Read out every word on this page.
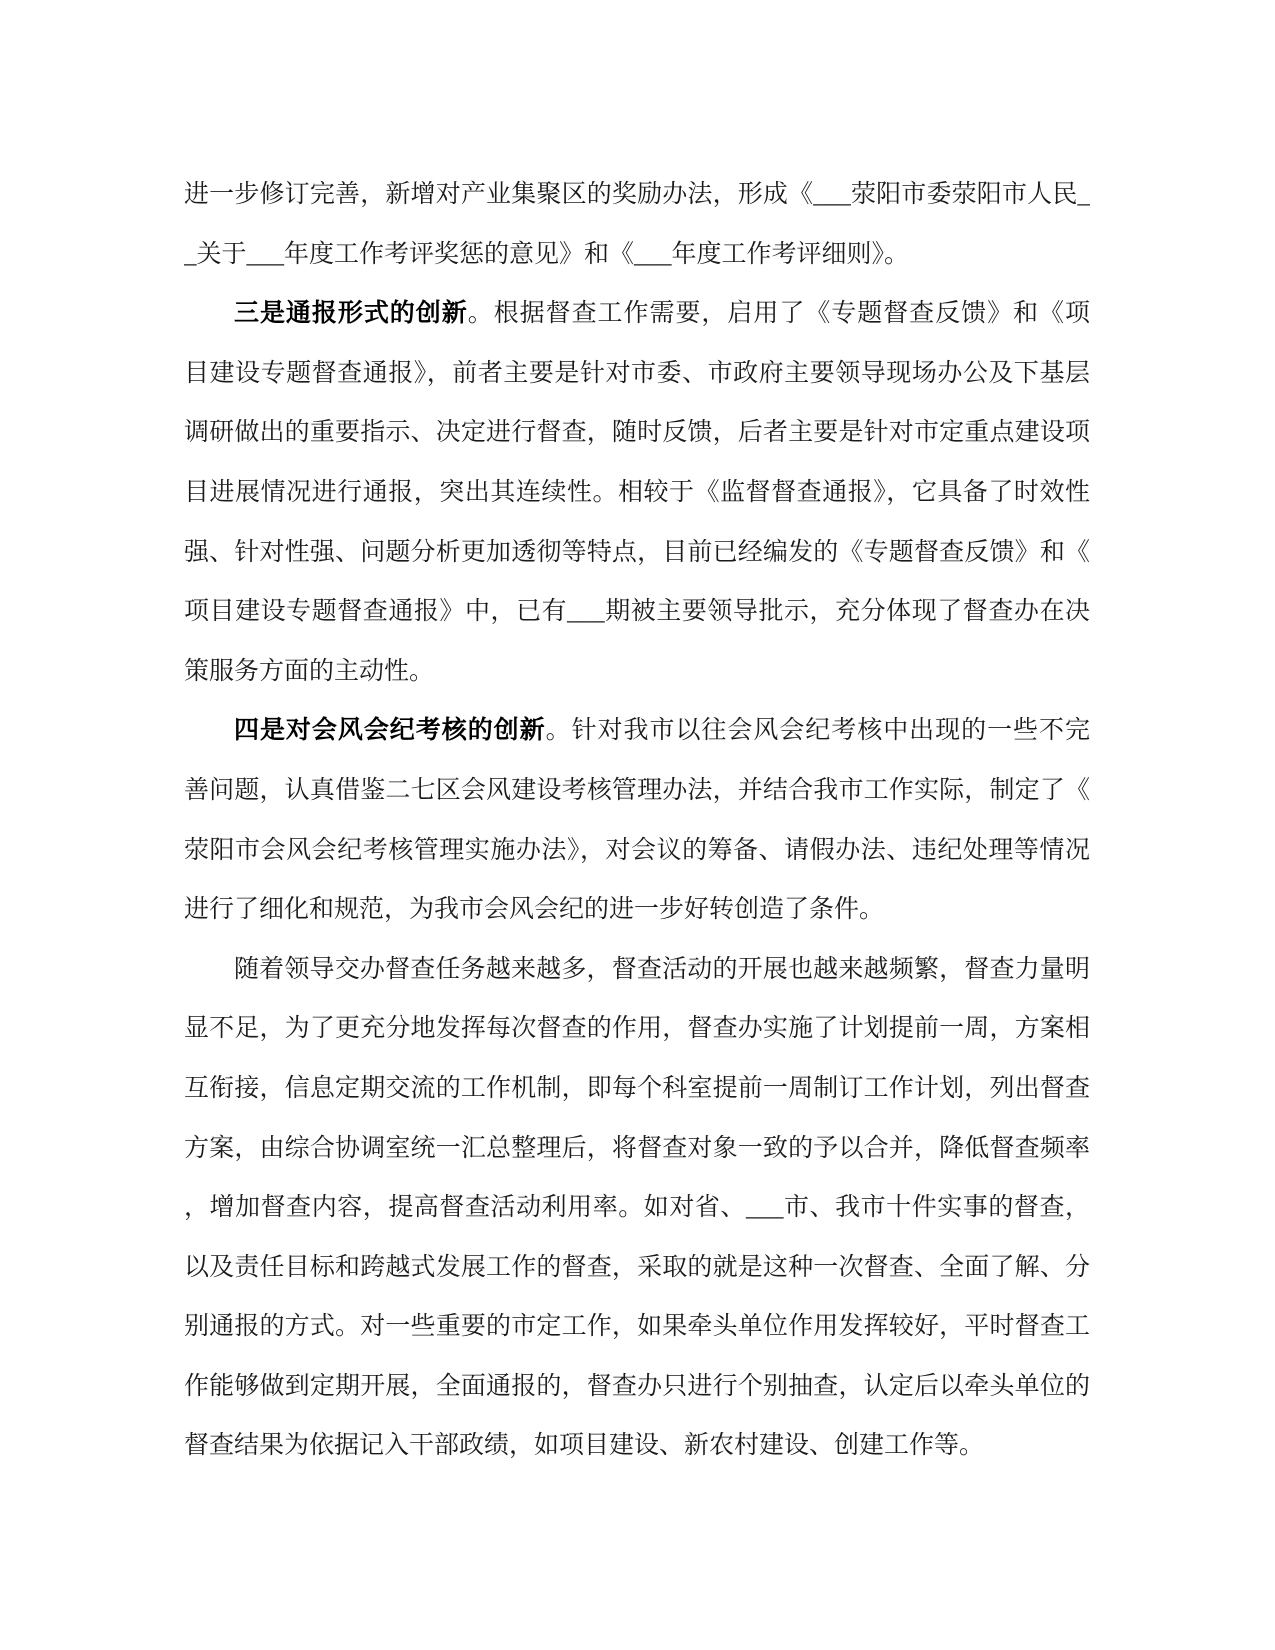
进一步修订完善，新增对产业集聚区的奖励办法，形成《___荥阳市委荥阳市人民_
_关于___年度工作考评奖惩的意见》和《___年度工作考评细则》。
三是通报形式的创新。根据督查工作需要，启用了《专题督查反馈》和《项
目建设专题督查通报》，前者主要是针对市委、市政府主要领导现场办公及下基层
调研做出的重要指示、决定进行督查，随时反馈，后者主要是针对市定重点建设项
目进展情况进行通报，突出其连续性。相较于《监督督查通报》，它具备了时效性
强、针对性强、问题分析更加透彻等特点，目前已经编发的《专题督查反馈》和《
项目建设专题督查通报》中，已有___期被主要领导批示，充分体现了督查办在决
策服务方面的主动性。
四是对会风会纪考核的创新。针对我市以往会风会纪考核中出现的一些不完
善问题，认真借鉴二七区会风建设考核管理办法，并结合我市工作实际，制定了《
荥阳市会风会纪考核管理实施办法》，对会议的筹备、请假办法、违纪处理等情况
进行了细化和规范，为我市会风会纪的进一步好转创造了条件。
随着领导交办督查任务越来越多，督查活动的开展也越来越频繁，督查力量明
显不足，为了更充分地发挥每次督查的作用，督查办实施了计划提前一周，方案相
互衔接，信息定期交流的工作机制，即每个科室提前一周制订工作计划，列出督查
方案，由综合协调室统一汇总整理后，将督查对象一致的予以合并，降低督查频率
，增加督查内容，提高督查活动利用率。如对省、___市、我市十件实事的督查，
以及责任目标和跨越式发展工作的督查，采取的就是这种一次督查、全面了解、分
别通报的方式。对一些重要的市定工作，如果牵头单位作用发挥较好，平时督查工
作能够做到定期开展，全面通报的，督查办只进行个别抽查，认定后以牵头单位的
督查结果为依据记入干部政绩，如项目建设、新农村建设、创建工作等。
